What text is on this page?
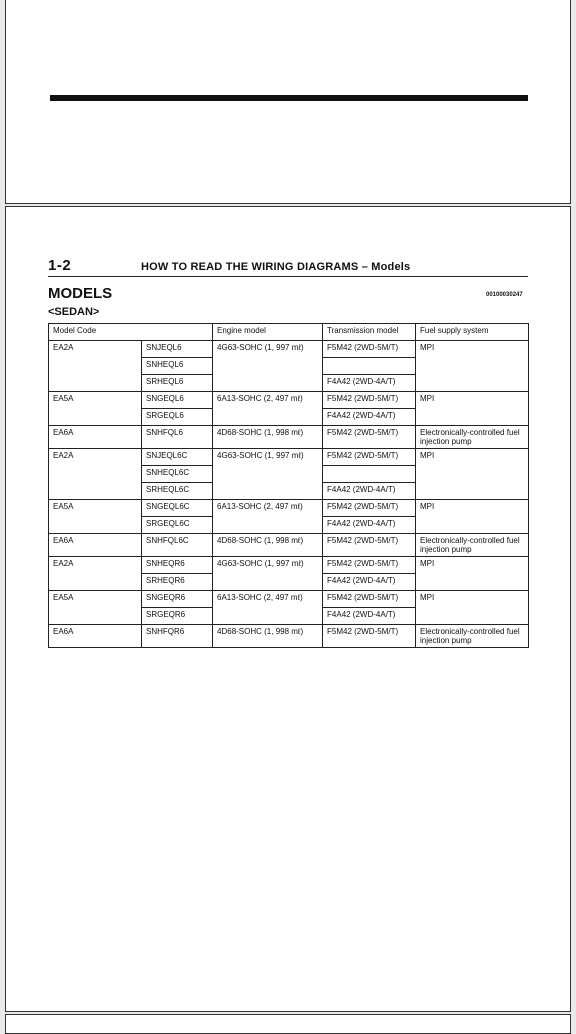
1-2	HOW TO READ THE WIRING DIAGRAMS – Models
MODELS	00100030247
<SEDAN>
Model Code		Engine model	Transmission model	Fuel supply system
EA2A	SNJEQL6	4G63-SOHC (1, 997 mℓ)	F5M42 (2WD-5M/T)	MPI
	SNHEQL6			
	SRHEQL6		F4A42 (2WD-4A/T)	
EA5A	SNGEQL6	6A13-SOHC (2, 497 mℓ)	F5M42 (2WD-5M/T)	MPI
	SRGEQL6		F4A42 (2WD-4A/T)	
EA6A	SNHFQL6	4D68-SOHC (1, 998 mℓ)	F5M42 (2WD-5M/T)	Electronically-controlled fuel injection pump
EA2A	SNJEQL6C	4G63-SOHC (1, 997 mℓ)	F5M42 (2WD-5M/T)	MPI
	SNHEQL6C			
	SRHEQL6C		F4A42 (2WD-4A/T)	
EA5A	SNGEQL6C	6A13-SOHC (2, 497 mℓ)	F5M42 (2WD-5M/T)	MPI
	SRGEQL6C		F4A42 (2WD-4A/T)	
EA6A	SNHFQL6C	4D68-SOHC (1, 998 mℓ)	F5M42 (2WD-5M/T)	Electronically-controlled fuel injection pump
EA2A	SNHEQR6	4G63-SOHC (1, 997 mℓ)	F5M42 (2WD-5M/T)	MPI
	SRHEQR6		F4A42 (2WD-4A/T)	
EA5A	SNGEQR6	6A13-SOHC (2, 497 mℓ)	F5M42 (2WD-5M/T)	MPI
	SRGEQR6		F4A42 (2WD-4A/T)	
EA6A	SNHFQR6	4D68-SOHC (1, 998 mℓ)	F5M42 (2WD-5M/T)	Electronically-controlled fuel injection pump
